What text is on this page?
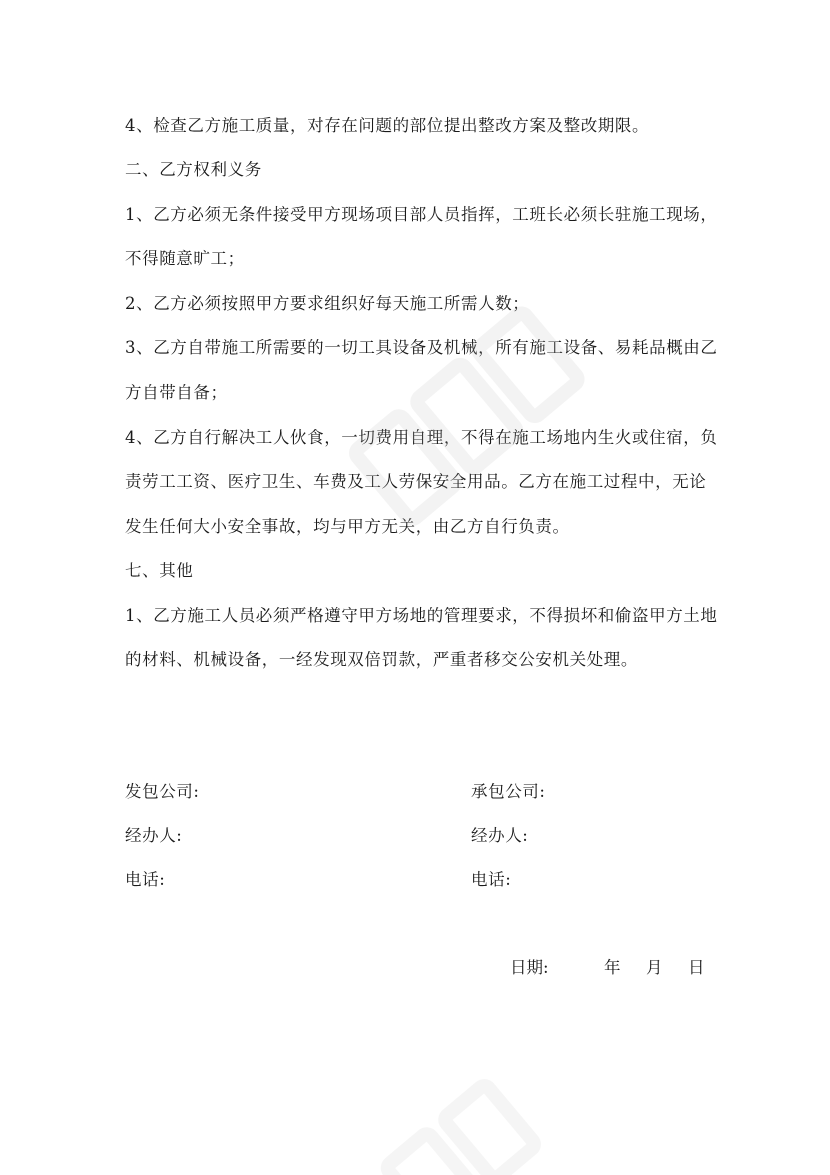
4、检查乙方施工质量，对存在问题的部位提出整改方案及整改期限。
二、乙方权利义务
1、乙方必须无条件接受甲方现场项目部人员指挥，工班长必须长驻施工现场，
不得随意旷工；
2、乙方必须按照甲方要求组织好每天施工所需人数；
3、乙方自带施工所需要的一切工具设备及机械，所有施工设备、易耗品概由乙
方自带自备；
4、乙方自行解决工人伙食，一切费用自理，不得在施工场地内生火或住宿，负
责劳工工资、医疗卫生、车费及工人劳保安全用品。乙方在施工过程中，无论
发生任何大小安全事故，均与甲方无关，由乙方自行负责。
七、其他
1、乙方施工人员必须严格遵守甲方场地的管理要求，不得损坏和偷盗甲方土地
的材料、机械设备，一经发现双倍罚款，严重者移交公安机关处理。
发包公司:
经办人:
电话:
承包公司:
经办人:
电话:
日期:	年 月 日
